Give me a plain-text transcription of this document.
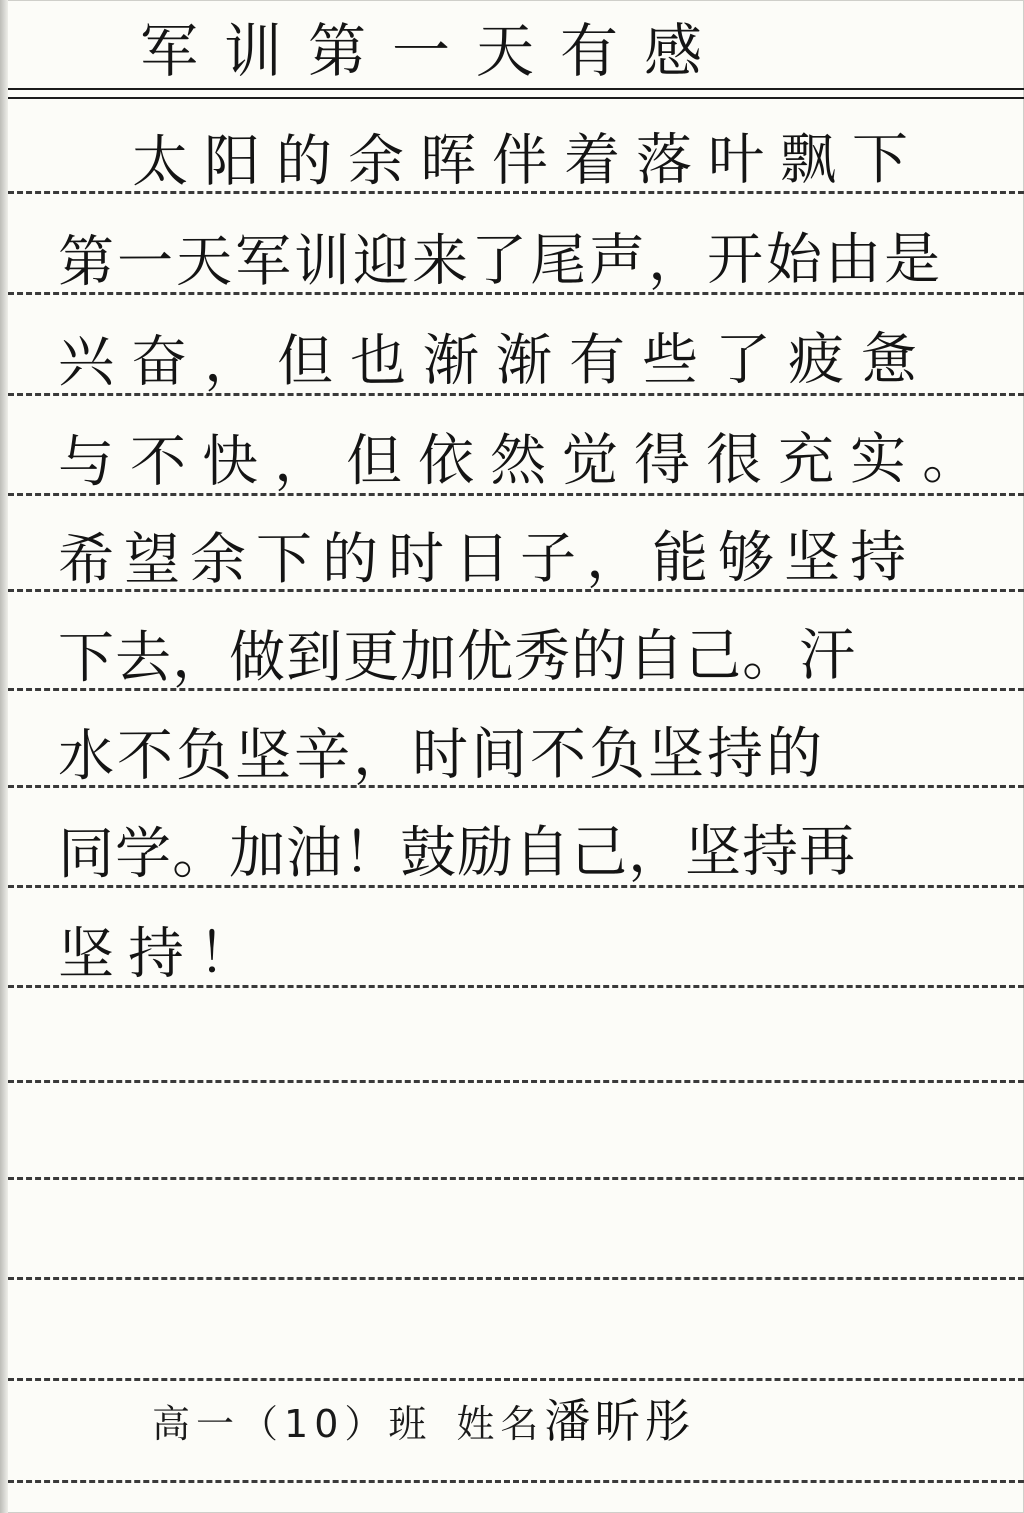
军训第一天有感
　太阳的余晖伴着落叶飘下
第一天军训迎来了尾声，开始由是
兴奋，但也渐渐有些了疲惫
与不快，但依然觉得很充实。
希望余下的时日子，能够坚持
下去，做到更加优秀的自己。汗
水不负坚辛，时间不负坚持的
同学。加油！鼓励自己，坚持再
坚持！
高一（10）班 姓名潘昕彤
